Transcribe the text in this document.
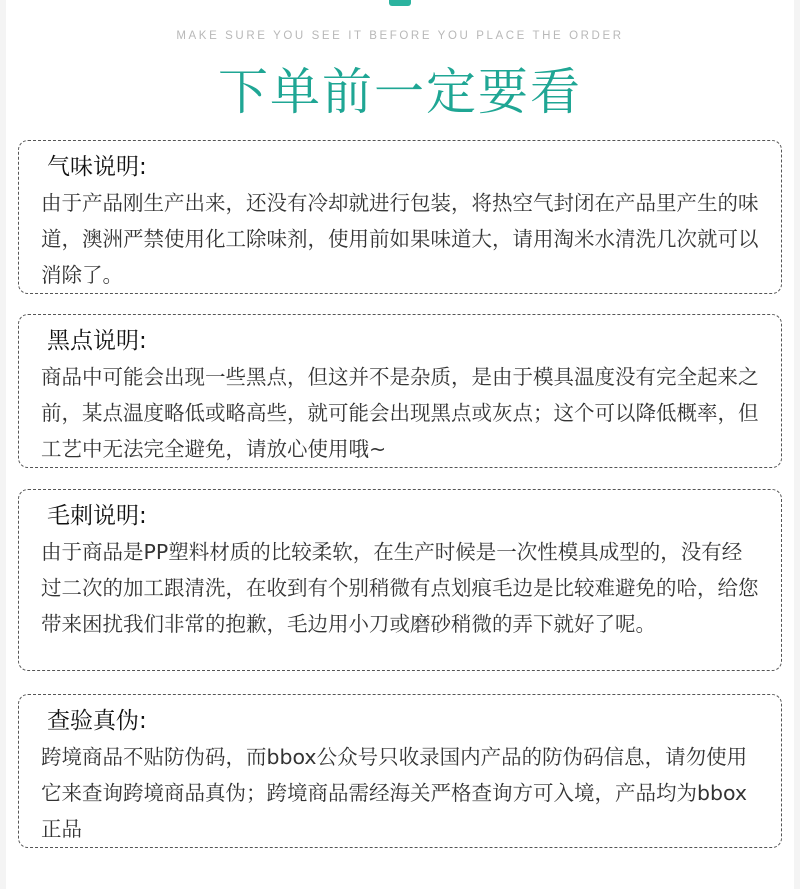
MAKE SURE YOU SEE IT BEFORE YOU PLACE THE ORDER
下单前一定要看
气味说明:
由于产品刚生产出来，还没有冷却就进行包装，将热空气封闭在产品里产生的味道，澳洲严禁使用化工除味剂，使用前如果味道大，请用淘米水清洗几次就可以消除了。
黑点说明:
商品中可能会出现一些黑点，但这并不是杂质，是由于模具温度没有完全起来之前，某点温度略低或略高些，就可能会出现黑点或灰点；这个可以降低概率，但工艺中无法完全避免，请放心使用哦~
毛刺说明:
由于商品是PP塑料材质的比较柔软，在生产时候是一次性模具成型的，没有经过二次的加工跟清洗，在收到有个别稍微有点划痕毛边是比较难避免的哈，给您带来困扰我们非常的抱歉，毛边用小刀或磨砂稍微的弄下就好了呢。
查验真伪:
跨境商品不贴防伪码，而bbox公众号只收录国内产品的防伪码信息，请勿使用它来查询跨境商品真伪；跨境商品需经海关严格查询方可入境，产品均为bbox正品
